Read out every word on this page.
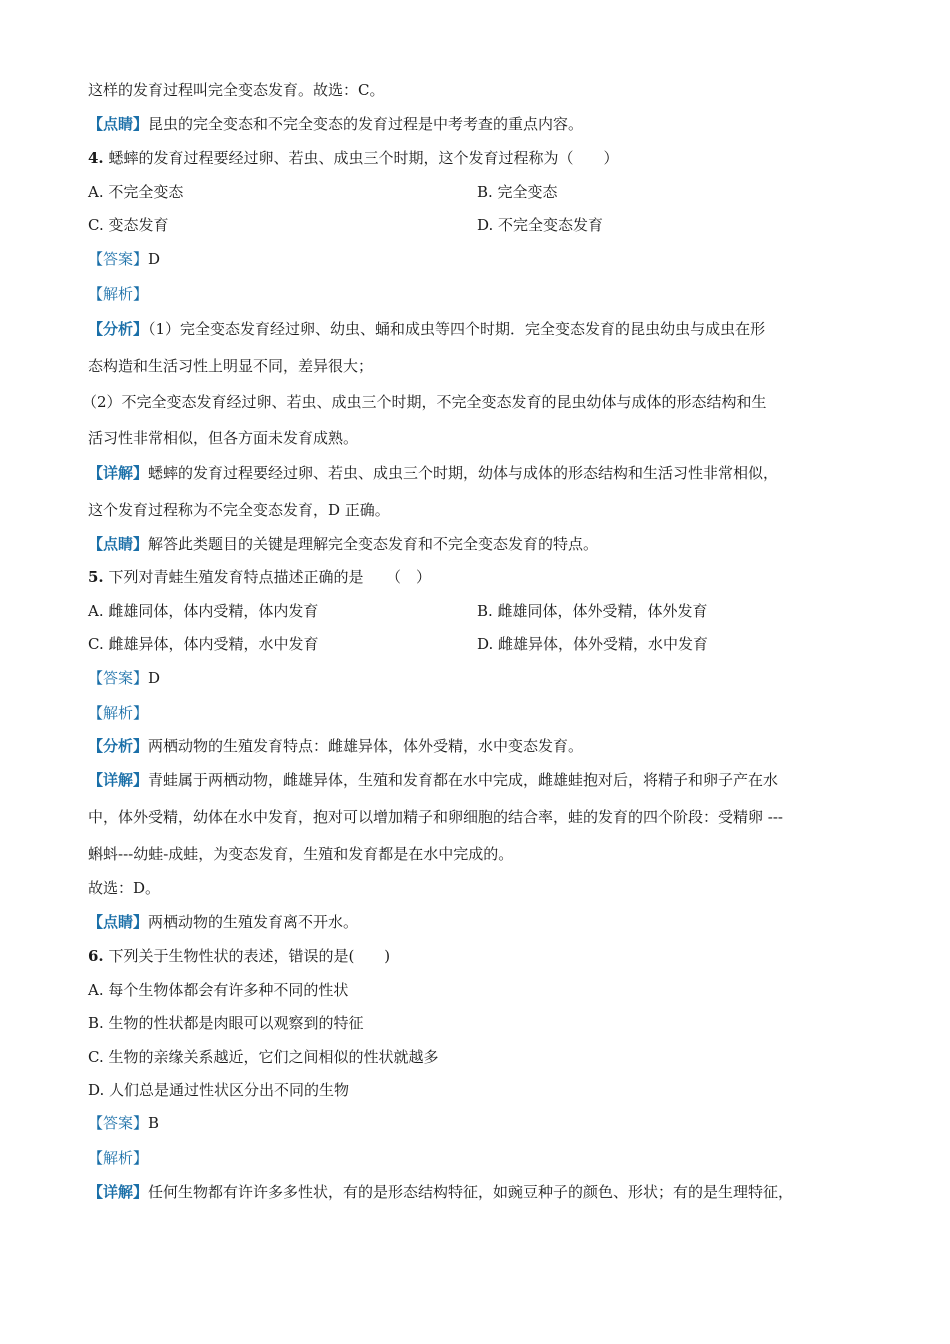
这样的发育过程叫完全变态发育。故选：C。
【点睛】昆虫的完全变态和不完全变态的发育过程是中考考查的重点内容。
4. 蟋蟀的发育过程要经过卵、若虫、成虫三个时期，这个发育过程称为（　　）
A. 不完全变态	B. 完全变态
C. 变态发育	D. 不完全变态发育
【答案】D
【解析】
【分析】（1）完全变态发育经过卵、幼虫、蛹和成虫等四个时期．完全变态发育的昆虫幼虫与成虫在形
态构造和生活习性上明显不同，差异很大；
（2）不完全变态发育经过卵、若虫、成虫三个时期，不完全变态发育的昆虫幼体与成体的形态结构和生
活习性非常相似，但各方面未发育成熟。
【详解】蟋蟀的发育过程要经过卵、若虫、成虫三个时期，幼体与成体的形态结构和生活习性非常相似，
这个发育过程称为不完全变态发育，D 正确。
【点睛】解答此类题目的关键是理解完全变态发育和不完全变态发育的特点。
5. 下列对青蛙生殖发育特点描述正确的是　　（　）
A. 雌雄同体，体内受精，体内发育	B. 雌雄同体，体外受精，体外发育
C. 雌雄异体，体内受精，水中发育	D. 雌雄异体，体外受精，水中发育
【答案】D
【解析】
【分析】两栖动物的生殖发育特点：雌雄异体，体外受精，水中变态发育。
【详解】青蛙属于两栖动物，雌雄异体，生殖和发育都在水中完成，雌雄蛙抱对后，将精子和卵子产在水
中，体外受精，幼体在水中发育，抱对可以增加精子和卵细胞的结合率，蛙的发育的四个阶段：受精卵 ---
蝌蚪---幼蛙-成蛙，为变态发育，生殖和发育都是在水中完成的。
故选：D。
【点睛】两栖动物的生殖发育离不开水。
6. 下列关于生物性状的表述，错误的是(　　)
A. 每个生物体都会有许多种不同的性状
B. 生物的性状都是肉眼可以观察到的特征
C. 生物的亲缘关系越近，它们之间相似的性状就越多
D. 人们总是通过性状区分出不同的生物
【答案】B
【解析】
【详解】任何生物都有许许多多性状，有的是形态结构特征，如豌豆种子的颜色、形状；有的是生理特征，
